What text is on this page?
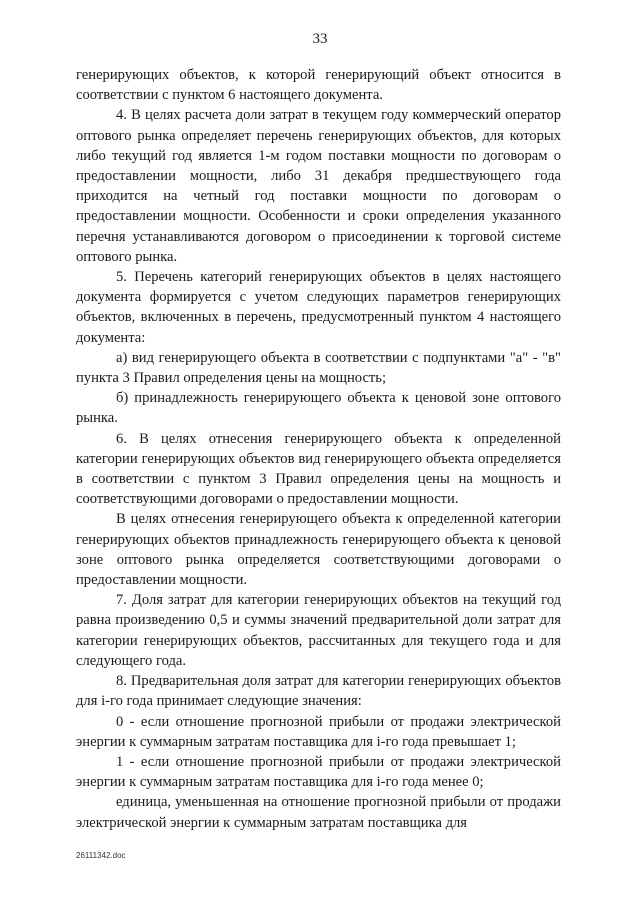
33

генерирующих объектов, к которой генерирующий объект относится в соответствии с пунктом 6 настоящего документа.

4. В целях расчета доли затрат в текущем году коммерческий оператор оптового рынка определяет перечень генерирующих объектов, для которых либо текущий год является 1-м годом поставки мощности по договорам о предоставлении мощности, либо 31 декабря предшествующего года приходится на четный год поставки мощности по договорам о предоставлении мощности. Особенности и сроки определения указанного перечня устанавливаются договором о присоединении к торговой системе оптового рынка.

5. Перечень категорий генерирующих объектов в целях настоящего документа формируется с учетом следующих параметров генерирующих объектов, включенных в перечень, предусмотренный пунктом 4 настоящего документа:

а) вид генерирующего объекта в соответствии с подпунктами "а" - "в" пункта 3 Правил определения цены на мощность;

б) принадлежность генерирующего объекта к ценовой зоне оптового рынка.

6. В целях отнесения генерирующего объекта к определенной категории генерирующих объектов вид генерирующего объекта определяется в соответствии с пунктом 3 Правил определения цены на мощность и соответствующими договорами о предоставлении мощности.

В целях отнесения генерирующего объекта к определенной категории генерирующих объектов принадлежность генерирующего объекта к ценовой зоне оптового рынка определяется соответствующими договорами о предоставлении мощности.

7. Доля затрат для категории генерирующих объектов на текущий год равна произведению 0,5 и суммы значений предварительной доли затрат для категории генерирующих объектов, рассчитанных для текущего года и для следующего года.

8. Предварительная доля затрат для категории генерирующих объектов для i-го года принимает следующие значения:

0 - если отношение прогнозной прибыли от продажи электрической энергии к суммарным затратам поставщика для i-го года превышает 1;

1 - если отношение прогнозной прибыли от продажи электрической энергии к суммарным затратам поставщика для i-го года менее 0;

единица, уменьшенная на отношение прогнозной прибыли от продажи электрической энергии к суммарным затратам поставщика для

26111342.doc
